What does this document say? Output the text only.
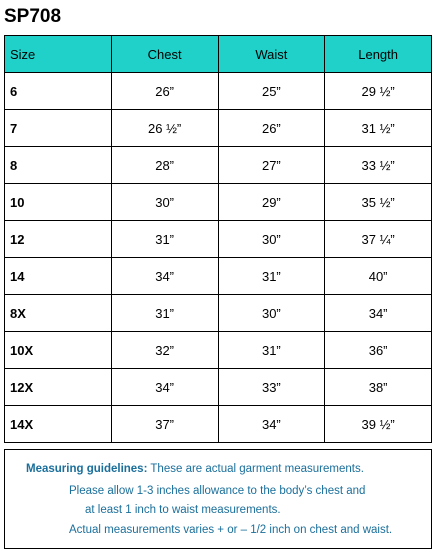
SP708
Size	Chest	Waist	Length
6	26”	25”	29 ½”
7	26 ½”	26”	31 ½”
8	28”	27”	33 ½”
10	30”	29”	35 ½”
12	31”	30”	37 ¼”
14	34”	31”	40”
8X	31”	30”	34”
10X	32”	31”	36”
12X	34”	33”	38”
14X	37”	34”	39 ½”
Measuring guidelines: These are actual garment measurements.
Please allow 1-3 inches allowance to the body’s chest and
at least 1 inch to waist measurements.
Actual measurements varies + or – 1/2 inch on chest and waist.
